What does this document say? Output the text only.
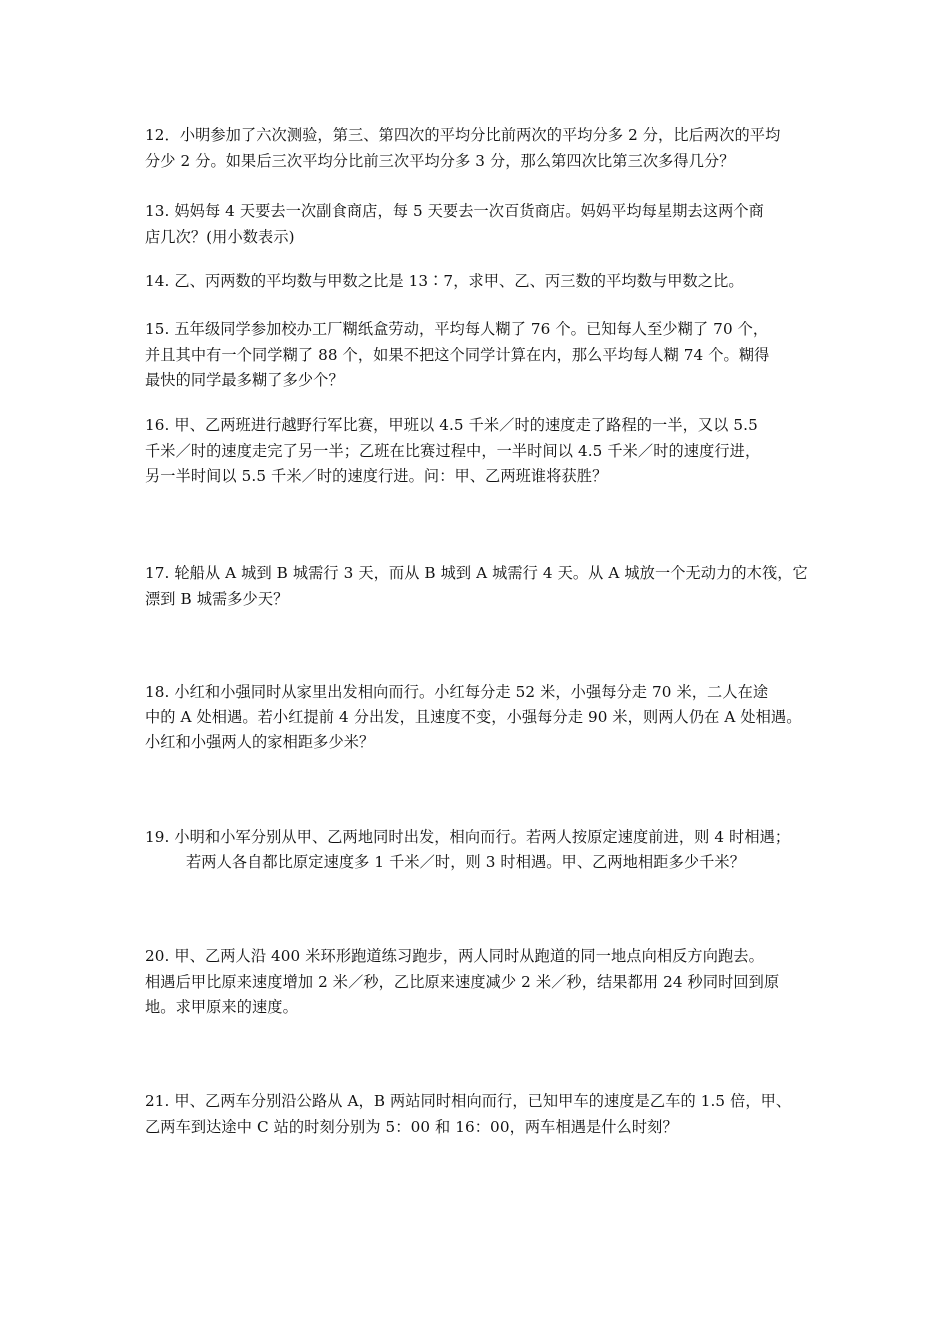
12．小明参加了六次测验，第三、第四次的平均分比前两次的平均分多 2 分，比后两次的平均
分少 2 分。如果后三次平均分比前三次平均分多 3 分，那么第四次比第三次多得几分？
13. 妈妈每 4 天要去一次副食商店，每 5 天要去一次百货商店。妈妈平均每星期去这两个商
店几次？(用小数表示)
14. 乙、丙两数的平均数与甲数之比是 13∶7，求甲、乙、丙三数的平均数与甲数之比。
15. 五年级同学参加校办工厂糊纸盒劳动，平均每人糊了 76 个。已知每人至少糊了 70 个，
并且其中有一个同学糊了 88 个，如果不把这个同学计算在内，那么平均每人糊 74 个。糊得
最快的同学最多糊了多少个？
16. 甲、乙两班进行越野行军比赛，甲班以 4.5 千米／时的速度走了路程的一半，又以 5.5
千米／时的速度走完了另一半；乙班在比赛过程中，一半时间以 4.5 千米／时的速度行进，
另一半时间以 5.5 千米／时的速度行进。问：甲、乙两班谁将获胜？
17. 轮船从 A 城到 B 城需行 3 天，而从 B 城到 A 城需行 4 天。从 A 城放一个无动力的木筏，它
漂到 B 城需多少天？
18. 小红和小强同时从家里出发相向而行。小红每分走 52 米，小强每分走 70 米，二人在途
中的 A 处相遇。若小红提前 4 分出发，且速度不变，小强每分走 90 米，则两人仍在 A 处相遇。
小红和小强两人的家相距多少米？
19. 小明和小军分别从甲、乙两地同时出发，相向而行。若两人按原定速度前进，则 4 时相遇；
若两人各自都比原定速度多 1 千米／时，则 3 时相遇。甲、乙两地相距多少千米？
20. 甲、乙两人沿 400 米环形跑道练习跑步，两人同时从跑道的同一地点向相反方向跑去。
相遇后甲比原来速度增加 2 米／秒，乙比原来速度减少 2 米／秒，结果都用 24 秒同时回到原
地。求甲原来的速度。
21. 甲、乙两车分别沿公路从 A，B 两站同时相向而行，已知甲车的速度是乙车的 1.5 倍，甲、
乙两车到达途中 C 站的时刻分别为 5：00 和 16：00，两车相遇是什么时刻？
